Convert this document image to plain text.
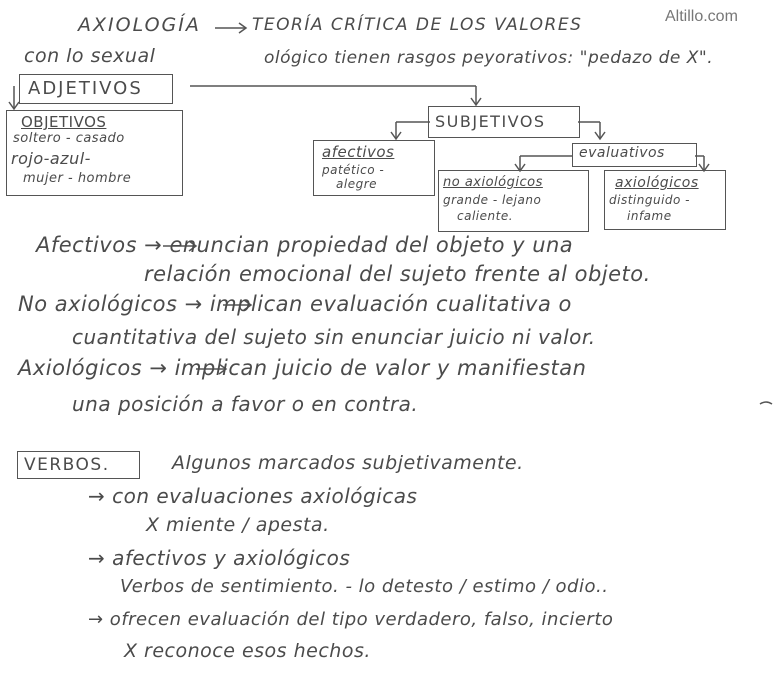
Altillo.com
AXIOLOGÍA	TEORÍA CRÍTICA DE LOS VALORES
con lo sexual	ológico tienen rasgos peyorativos: "pedazo de X".
ADJETIVOS
OBJETIVOS
soltero - casado
rojo-azul-
mujer - hombre
SUBJETIVOS
afectivos
patético -
alegre
evaluativos
no axiológicos
grande - lejano
caliente.
axiológicos
distinguido -
infame
Afectivos → enuncian propiedad del objeto y una
relación emocional del sujeto frente al objeto.
No axiológicos → implican evaluación cualitativa o
cuantitativa del sujeto sin enunciar juicio ni valor.
Axiológicos → implican juicio de valor y manifiestan
una posición a favor o en contra.
VERBOS.	Algunos marcados subjetivamente.
→ con evaluaciones axiológicas
X miente / apesta.
→ afectivos y axiológicos
Verbos de sentimiento. - lo detesto / estimo / odio..
→ ofrecen evaluación del tipo verdadero, falso, incierto
X reconoce esos hechos.
